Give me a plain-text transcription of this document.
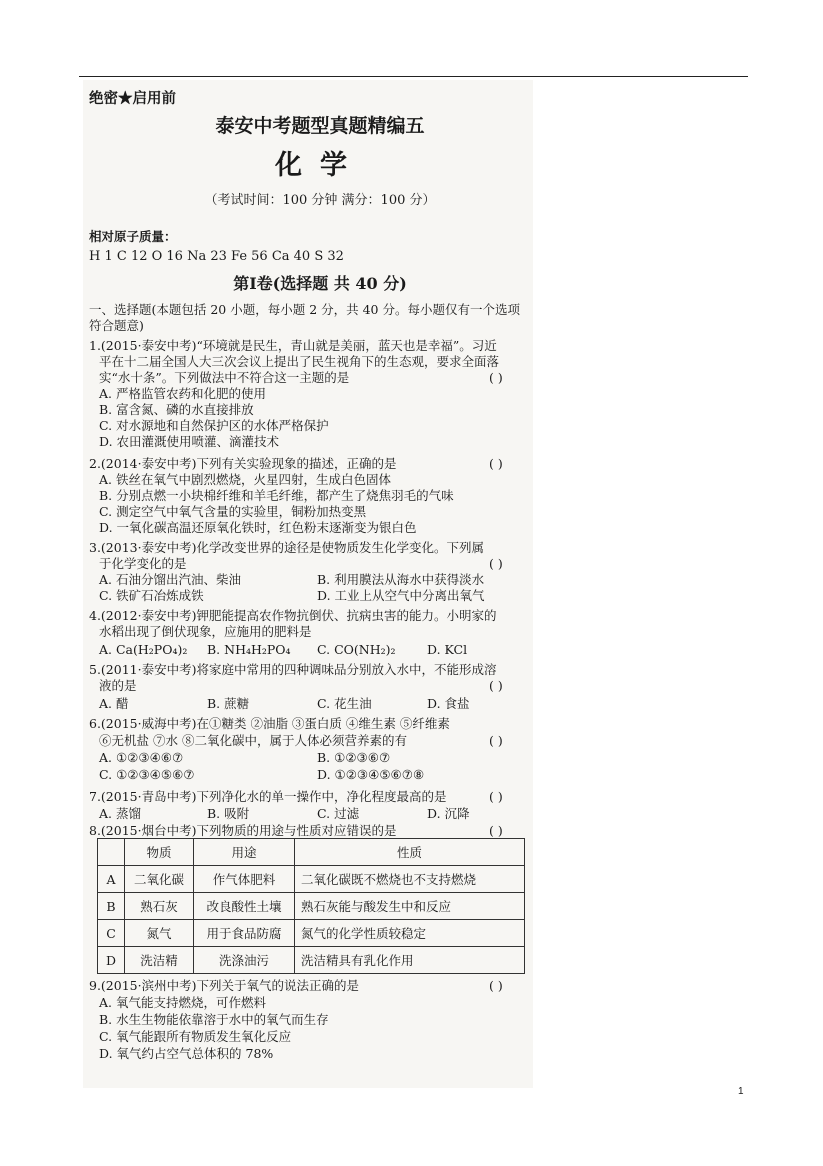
绝密★启用前
泰安中考题型真题精编五
化学
（考试时间：100 分钟 满分：100 分）
相对原子质量：
H 1 C 12 O 16 Na 23 Fe 56 Ca 40 S 32
第Ⅰ卷(选择题 共 40 分)
一、选择题(本题包括 20 小题，每小题 2 分，共 40 分。每小题仅有一个选项
符合题意)
1.(2015·泰安中考)“环境就是民生，青山就是美丽，蓝天也是幸福”。习近
平在十二届全国人大三次会议上提出了民生视角下的生态观，要求全面落
实“水十条”。下列做法中不符合这一主题的是	( )
A. 严格监管农药和化肥的使用
B. 富含氮、磷的水直接排放
C. 对水源地和自然保护区的水体严格保护
D. 农田灌溉使用喷灌、滴灌技术
2.(2014·泰安中考)下列有关实验现象的描述，正确的是	( )
A. 铁丝在氧气中剧烈燃烧，火星四射，生成白色固体
B. 分别点燃一小块棉纤维和羊毛纤维，都产生了烧焦羽毛的气味
C. 测定空气中氧气含量的实验里，铜粉加热变黑
D. 一氧化碳高温还原氧化铁时，红色粉末逐渐变为银白色
3.(2013·泰安中考)化学改变世界的途径是使物质发生化学变化。下列属
于化学变化的是	( )
A. 石油分馏出汽油、柴油	B. 利用膜法从海水中获得淡水
C. 铁矿石冶炼成铁	D. 工业上从空气中分离出氧气
4.(2012·泰安中考)钾肥能提高农作物抗倒伏、抗病虫害的能力。小明家的
水稻出现了倒伏现象，应施用的肥料是
A. Ca(H₂PO₄)₂ B. NH₄H₂PO₄ C. CO(NH₂)₂	D. KCl
5.(2011·泰安中考)将家庭中常用的四种调味品分别放入水中，不能形成溶
液的是	( )
A. 醋	B. 蔗糖	C. 花生油	D. 食盐
6.(2015·威海中考)在①糖类 ②油脂 ③蛋白质 ④维生素 ⑤纤维素
⑥无机盐 ⑦水 ⑧二氧化碳中，属于人体必须营养素的有	( )
A. ①②③④⑥⑦	B. ①②③⑥⑦
C. ①②③④⑤⑥⑦	D. ①②③④⑤⑥⑦⑧
7.(2015·青岛中考)下列净化水的单一操作中，净化程度最高的是	( )
A. 蒸馏	B. 吸附	C. 过滤	D. 沉降
8.(2015·烟台中考)下列物质的用途与性质对应错误的是	( )
	物质	用途	性质
A	二氧化碳	作气体肥料	二氧化碳既不燃烧也不支持燃烧
B	熟石灰	改良酸性土壤	熟石灰能与酸发生中和反应
C	氮气	用于食品防腐	氮气的化学性质较稳定
D	洗洁精	洗涤油污	洗洁精具有乳化作用
9.(2015·滨州中考)下列关于氧气的说法正确的是	( )
A. 氧气能支持燃烧，可作燃料
B. 水生生物能依靠溶于水中的氧气而生存
C. 氧气能跟所有物质发生氧化反应
D. 氧气约占空气总体积的 78%
1
